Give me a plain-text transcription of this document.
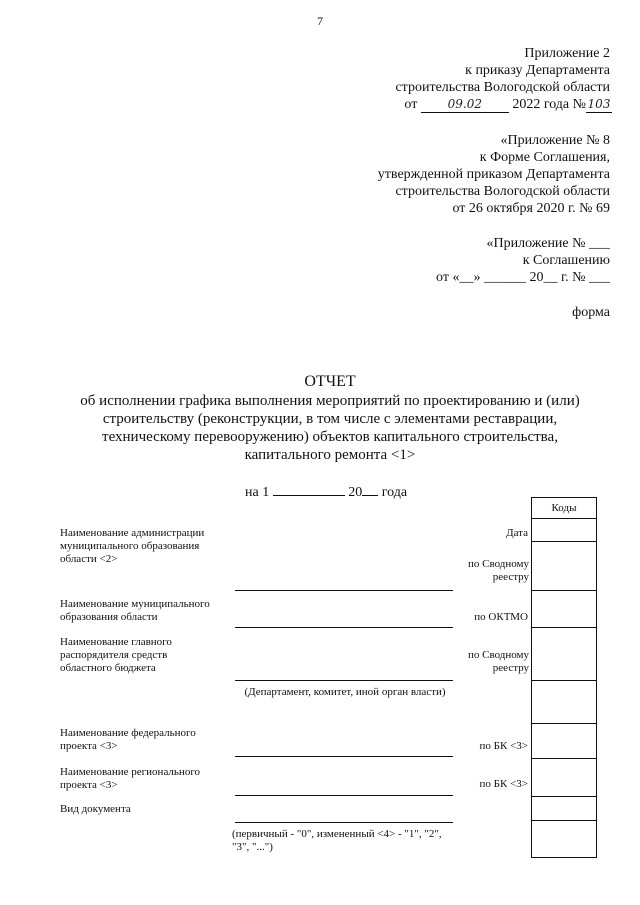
7
Приложение 2
к приказу Департамента
строительства Вологодской области
от	09.02 2022 года № 103
«Приложение № 8
к Форме Соглашения,
утвержденной приказом Департамента
строительства Вологодской области
от 26 октября 2020 г. № 69
«Приложение № ___
к Соглашению
от «__» ______ 20__ г. № ___
форма
ОТЧЕТ
об исполнении графика выполнения мероприятий по проектированию и (или)
строительству (реконструкции, в том числе с элементами реставрации,
техническому перевооружению) объектов капитального строительства,
капитального ремонта <1>
на 1	20 года
Коды
Наименование администрации муниципального образования области <2>
Наименование муниципального образования области
Наименование главного распорядителя средств областного бюджета
Наименование федерального проекта <3>
Наименование регионального проекта <3>
Вид документа
(Департамент, комитет, иной орган власти)
(первичный - "0", измененный <4> - "1", "2", "3", "...")
Дата
по Сводному реестру
по ОКТМО
по Сводному реестру
по БК <3>
по БК <3>
